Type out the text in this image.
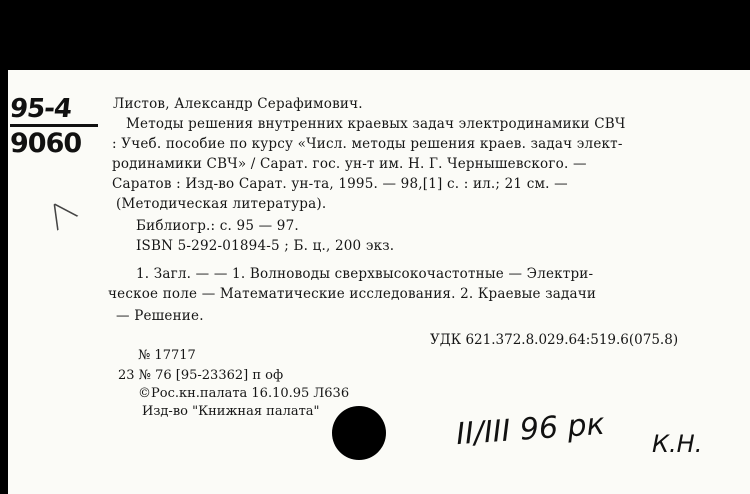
95-4
9060
╱╲
Листов, Александр Серафимович.
Методы решения внутренних краевых задач электродинамики СВЧ
: Учеб. пособие по курсу «Числ. методы решения краев. задач элект-
родинамики СВЧ» / Сарат. гос. ун-т им. Н. Г. Чернышевского. —
Саратов : Изд-во Сарат. ун-та, 1995. — 98,[1] с. : ил.; 21 см. —
(Методическая литература).
Библиогр.: с. 95 — 97.
ISBN 5-292-01894-5 ; Б. ц., 200 экз.
1. Загл. — — 1. Волноводы сверхвысокочастотные — Электри-
ческое поле — Математические исследования. 2. Краевые задачи
— Решение.
УДК 621.372.8.029.64:519.6(075.8)
№ 17717
23 № 76 [95-23362] п оф
©Рос.кн.палата 16.10.95 Л636
Изд-во "Книжная палата"	II/III 96 рк К.Н.
